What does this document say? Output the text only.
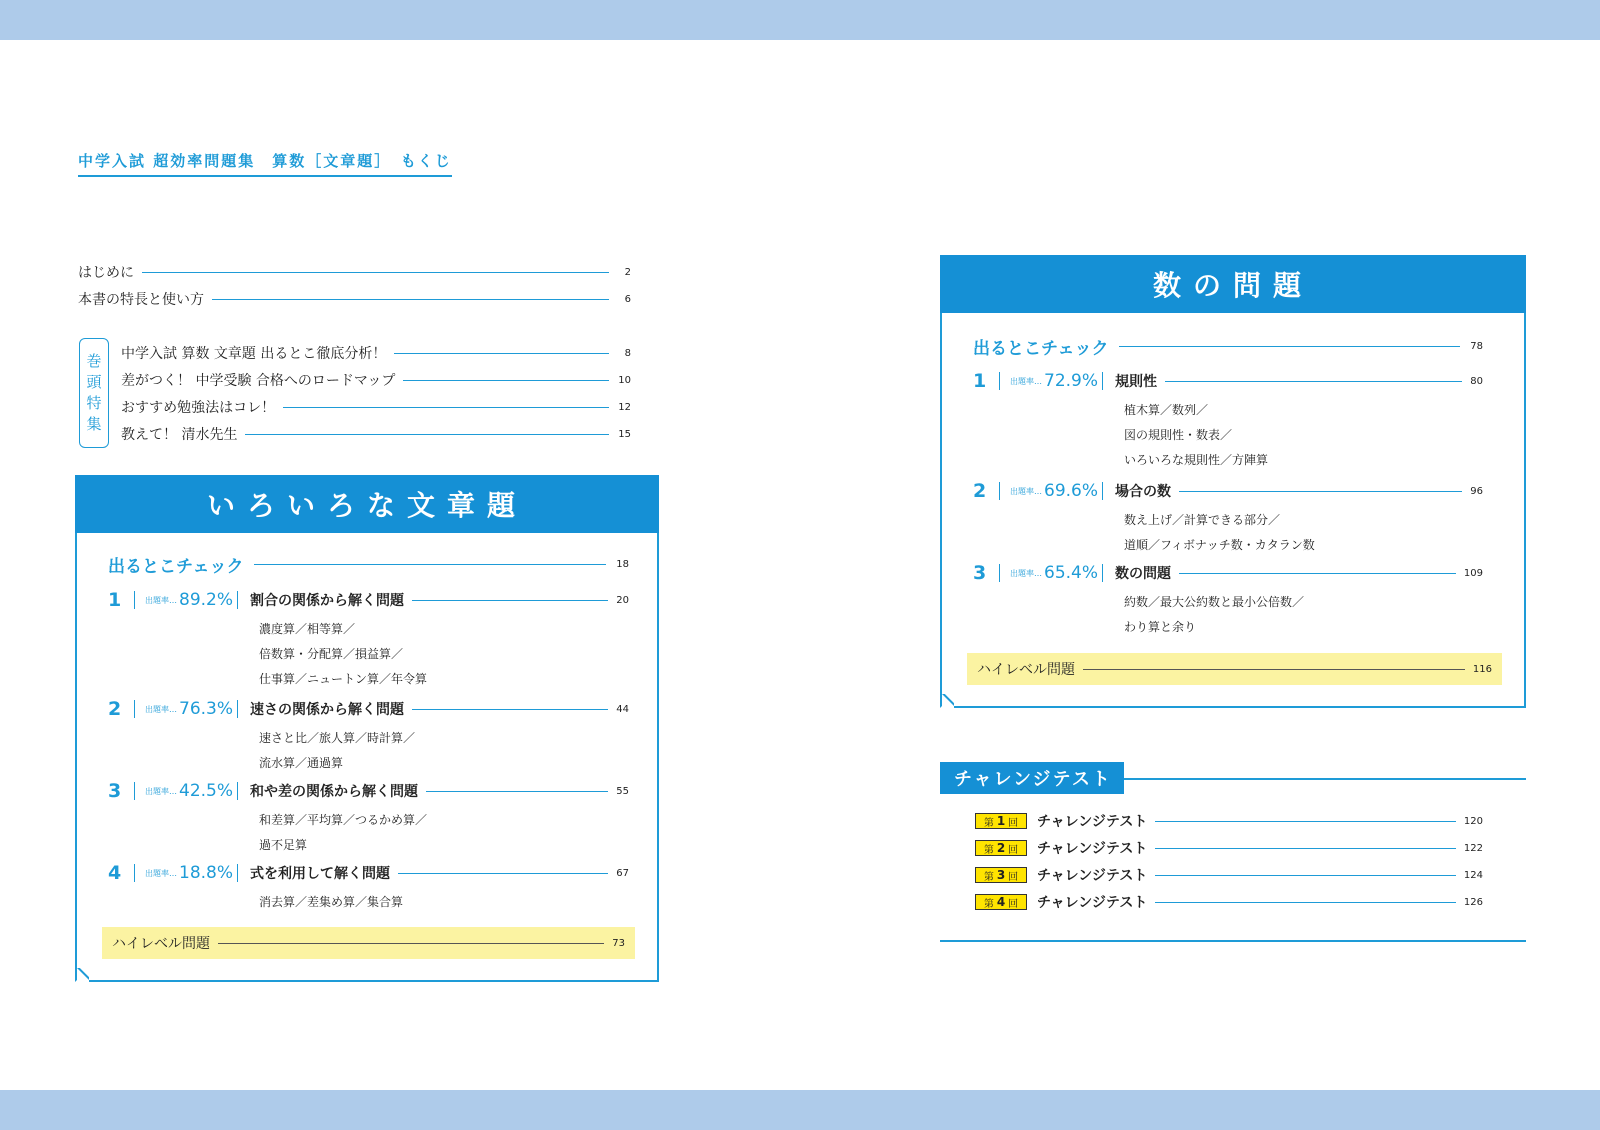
中学入試 超効率問題集　算数［文章題］　もくじ
はじめに	2
本書の特長と使い方	6
巻
頭
特
集
中学入試 算数 文章題 出るとこ徹底分析！	8
差がつく！ 中学受験 合格へのロードマップ	10
おすすめ勉強法はコレ！	12
教えて！ 清水先生	15
いろいろな文章題
出るとこチェック	18
1	出題率… 89.2% 割合の関係から解く問題	20
濃度算／相等算／
倍数算・分配算／損益算／
仕事算／ニュートン算／年令算
2	出題率… 76.3% 速さの関係から解く問題	44
速さと比／旅人算／時計算／
流水算／通過算
3	出題率… 42.5% 和や差の関係から解く問題	55
和差算／平均算／つるかめ算／
過不足算
4	出題率… 18.8% 式を利用して解く問題	67
消去算／差集め算／集合算
ハイレベル問題	73
数の問題
出るとこチェック	78
1	出題率… 72.9% 規則性	80
植木算／数列／
図の規則性・数表／
いろいろな規則性／方陣算
2	出題率… 69.6% 場合の数	96
数え上げ／計算できる部分／
道順／フィボナッチ数・カタラン数
3	出題率… 65.4% 数の問題	109
約数／最大公約数と最小公倍数／
わり算と余り
ハイレベル問題	116
チャレンジテスト
第 1 回 チャレンジテスト	120
第 2 回 チャレンジテスト	122
第 3 回 チャレンジテスト	124
第 4 回 チャレンジテスト	126
